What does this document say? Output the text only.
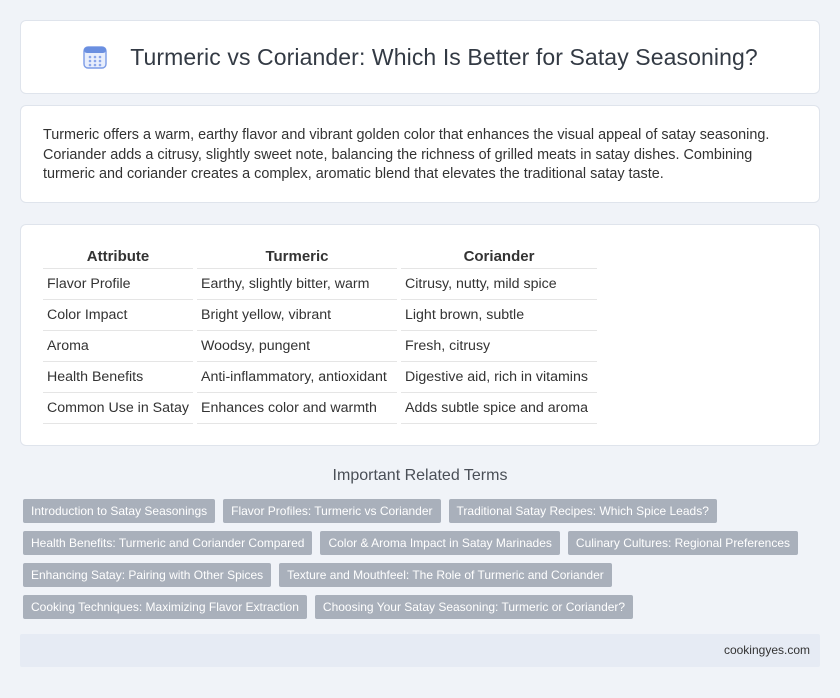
Turmeric vs Coriander: Which Is Better for Satay Seasoning?

Turmeric offers a warm, earthy flavor and vibrant golden color that enhances the visual appeal of satay seasoning. Coriander adds a citrusy, slightly sweet note, balancing the richness of grilled meats in satay dishes. Combining turmeric and coriander creates a complex, aromatic blend that elevates the traditional satay taste.

Attribute	Turmeric	Coriander
Flavor Profile	Earthy, slightly bitter, warm	Citrusy, nutty, mild spice
Color Impact	Bright yellow, vibrant	Light brown, subtle
Aroma	Woodsy, pungent	Fresh, citrusy
Health Benefits	Anti-inflammatory, antioxidant	Digestive aid, rich in vitamins
Common Use in Satay	Enhances color and warmth	Adds subtle spice and aroma
Important Related Terms
Introduction to Satay Seasonings	Flavor Profiles: Turmeric vs Coriander	Traditional Satay Recipes: Which Spice Leads?
Health Benefits: Turmeric and Coriander Compared	Color & Aroma Impact in Satay Marinades	Culinary Cultures: Regional Preferences
Enhancing Satay: Pairing with Other Spices	Texture and Mouthfeel: The Role of Turmeric and Coriander
Cooking Techniques: Maximizing Flavor Extraction	Choosing Your Satay Seasoning: Turmeric or Coriander?
cookingyes.com
